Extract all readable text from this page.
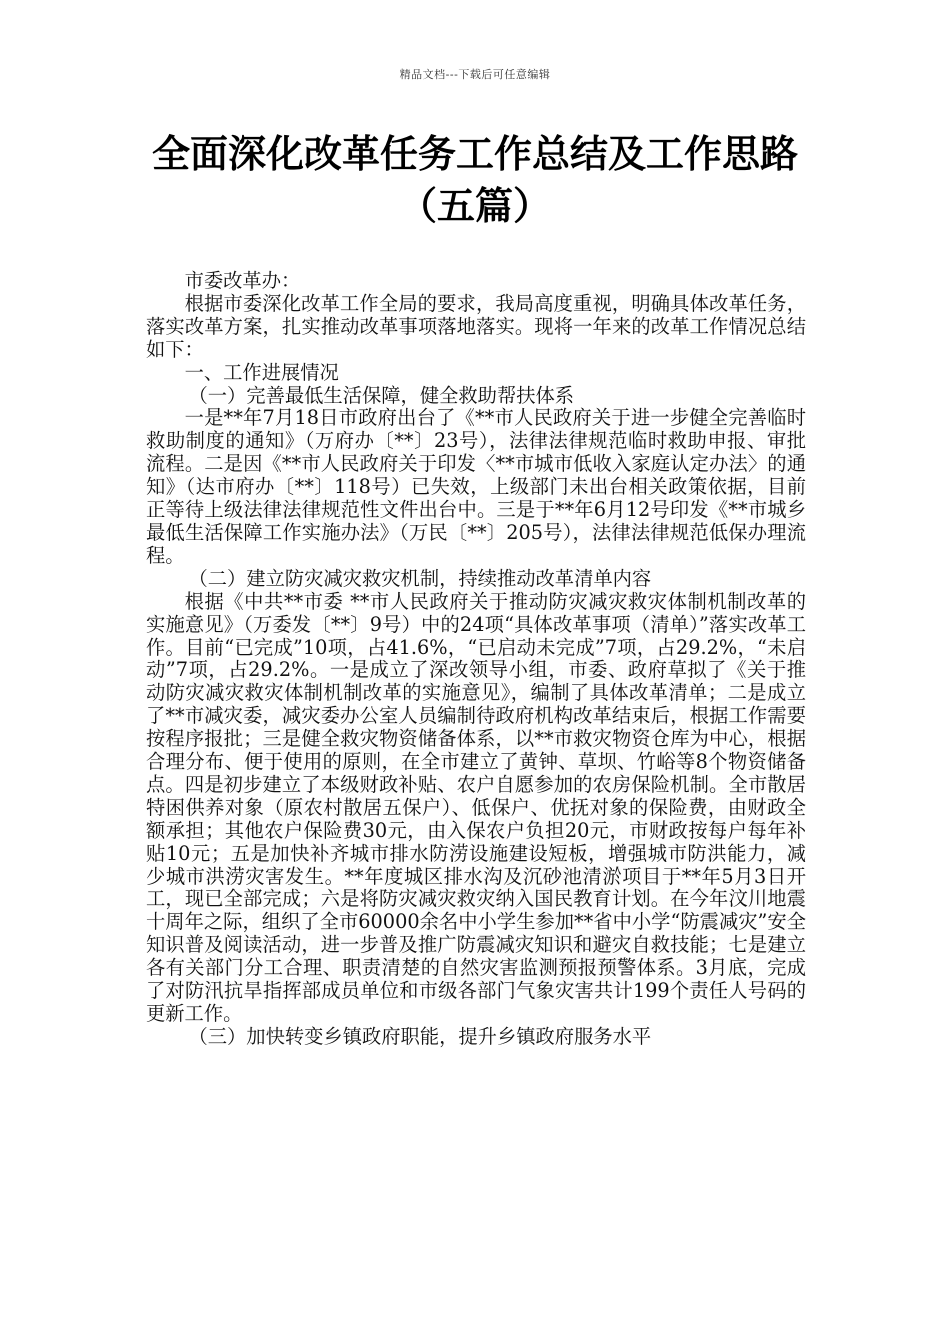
精品文档---下载后可任意编辑
全面深化改革任务工作总结及工作思路
（五篇）

市委改革办：

根据市委深化改革工作全局的要求，我局高度重视，明确具体改革任务，落实改革方案，扎实推动改革事项落地落实。现将一年来的改革工作情况总结如下：

一、工作进展情况

（一）完善最低生活保障，健全救助帮扶体系

一是**年7月18日市政府出台了《**市人民政府关于进一步健全完善临时救助制度的通知》（万府办〔**〕23号），法律法律规范临时救助申报、审批流程。二是因《**市人民政府关于印发〈**市城市低收入家庭认定办法〉的通知》（达市府办〔**〕118号）已失效，上级部门未出台相关政策依据，目前正等待上级法律法律规范性文件出台中。三是于**年6月12号印发《**市城乡最低生活保障工作实施办法》（万民〔**〕205号），法律法律规范低保办理流程。

（二）建立防灾减灾救灾机制，持续推动改革清单内容

根据《中共**市委 **市人民政府关于推动防灾减灾救灾体制机制改革的实施意见》（万委发〔**〕9号）中的24项“具体改革事项（清单）”落实改革工作。目前“已完成”10项，占41.6%，“已启动未完成”7项，占29.2%，“未启动”7项，占29.2%。一是成立了深改领导小组，市委、政府草拟了《关于推动防灾减灾救灾体制机制改革的实施意见》，编制了具体改革清单；二是成立了**市减灾委，减灾委办公室人员编制待政府机构改革结束后，根据工作需要按程序报批；三是健全救灾物资储备体系，以**市救灾物资仓库为中心，根据合理分布、便于使用的原则，在全市建立了黄钟、草坝、竹峪等8个物资储备点。四是初步建立了本级财政补贴、农户自愿参加的农房保险机制。全市散居特困供养对象（原农村散居五保户）、低保户、优抚对象的保险费，由财政全额承担；其他农户保险费30元，由入保农户负担20元，市财政按每户每年补贴10元；五是加快补齐城市排水防涝设施建设短板，增强城市防洪能力，减少城市洪涝灾害发生。**年度城区排水沟及沉砂池清淤项目于**年5月3日开工，现已全部完成；六是将防灾减灾救灾纳入国民教育计划。在今年汶川地震十周年之际，组织了全市60000余名中小学生参加**省中小学“防震减灾”安全知识普及阅读活动，进一步普及推广防震减灾知识和避灾自救技能；七是建立各有关部门分工合理、职责清楚的自然灾害监测预报预警体系。3月底，完成了对防汛抗旱指挥部成员单位和市级各部门气象灾害共计199个责任人号码的更新工作。

（三）加快转变乡镇政府职能，提升乡镇政府服务水平
